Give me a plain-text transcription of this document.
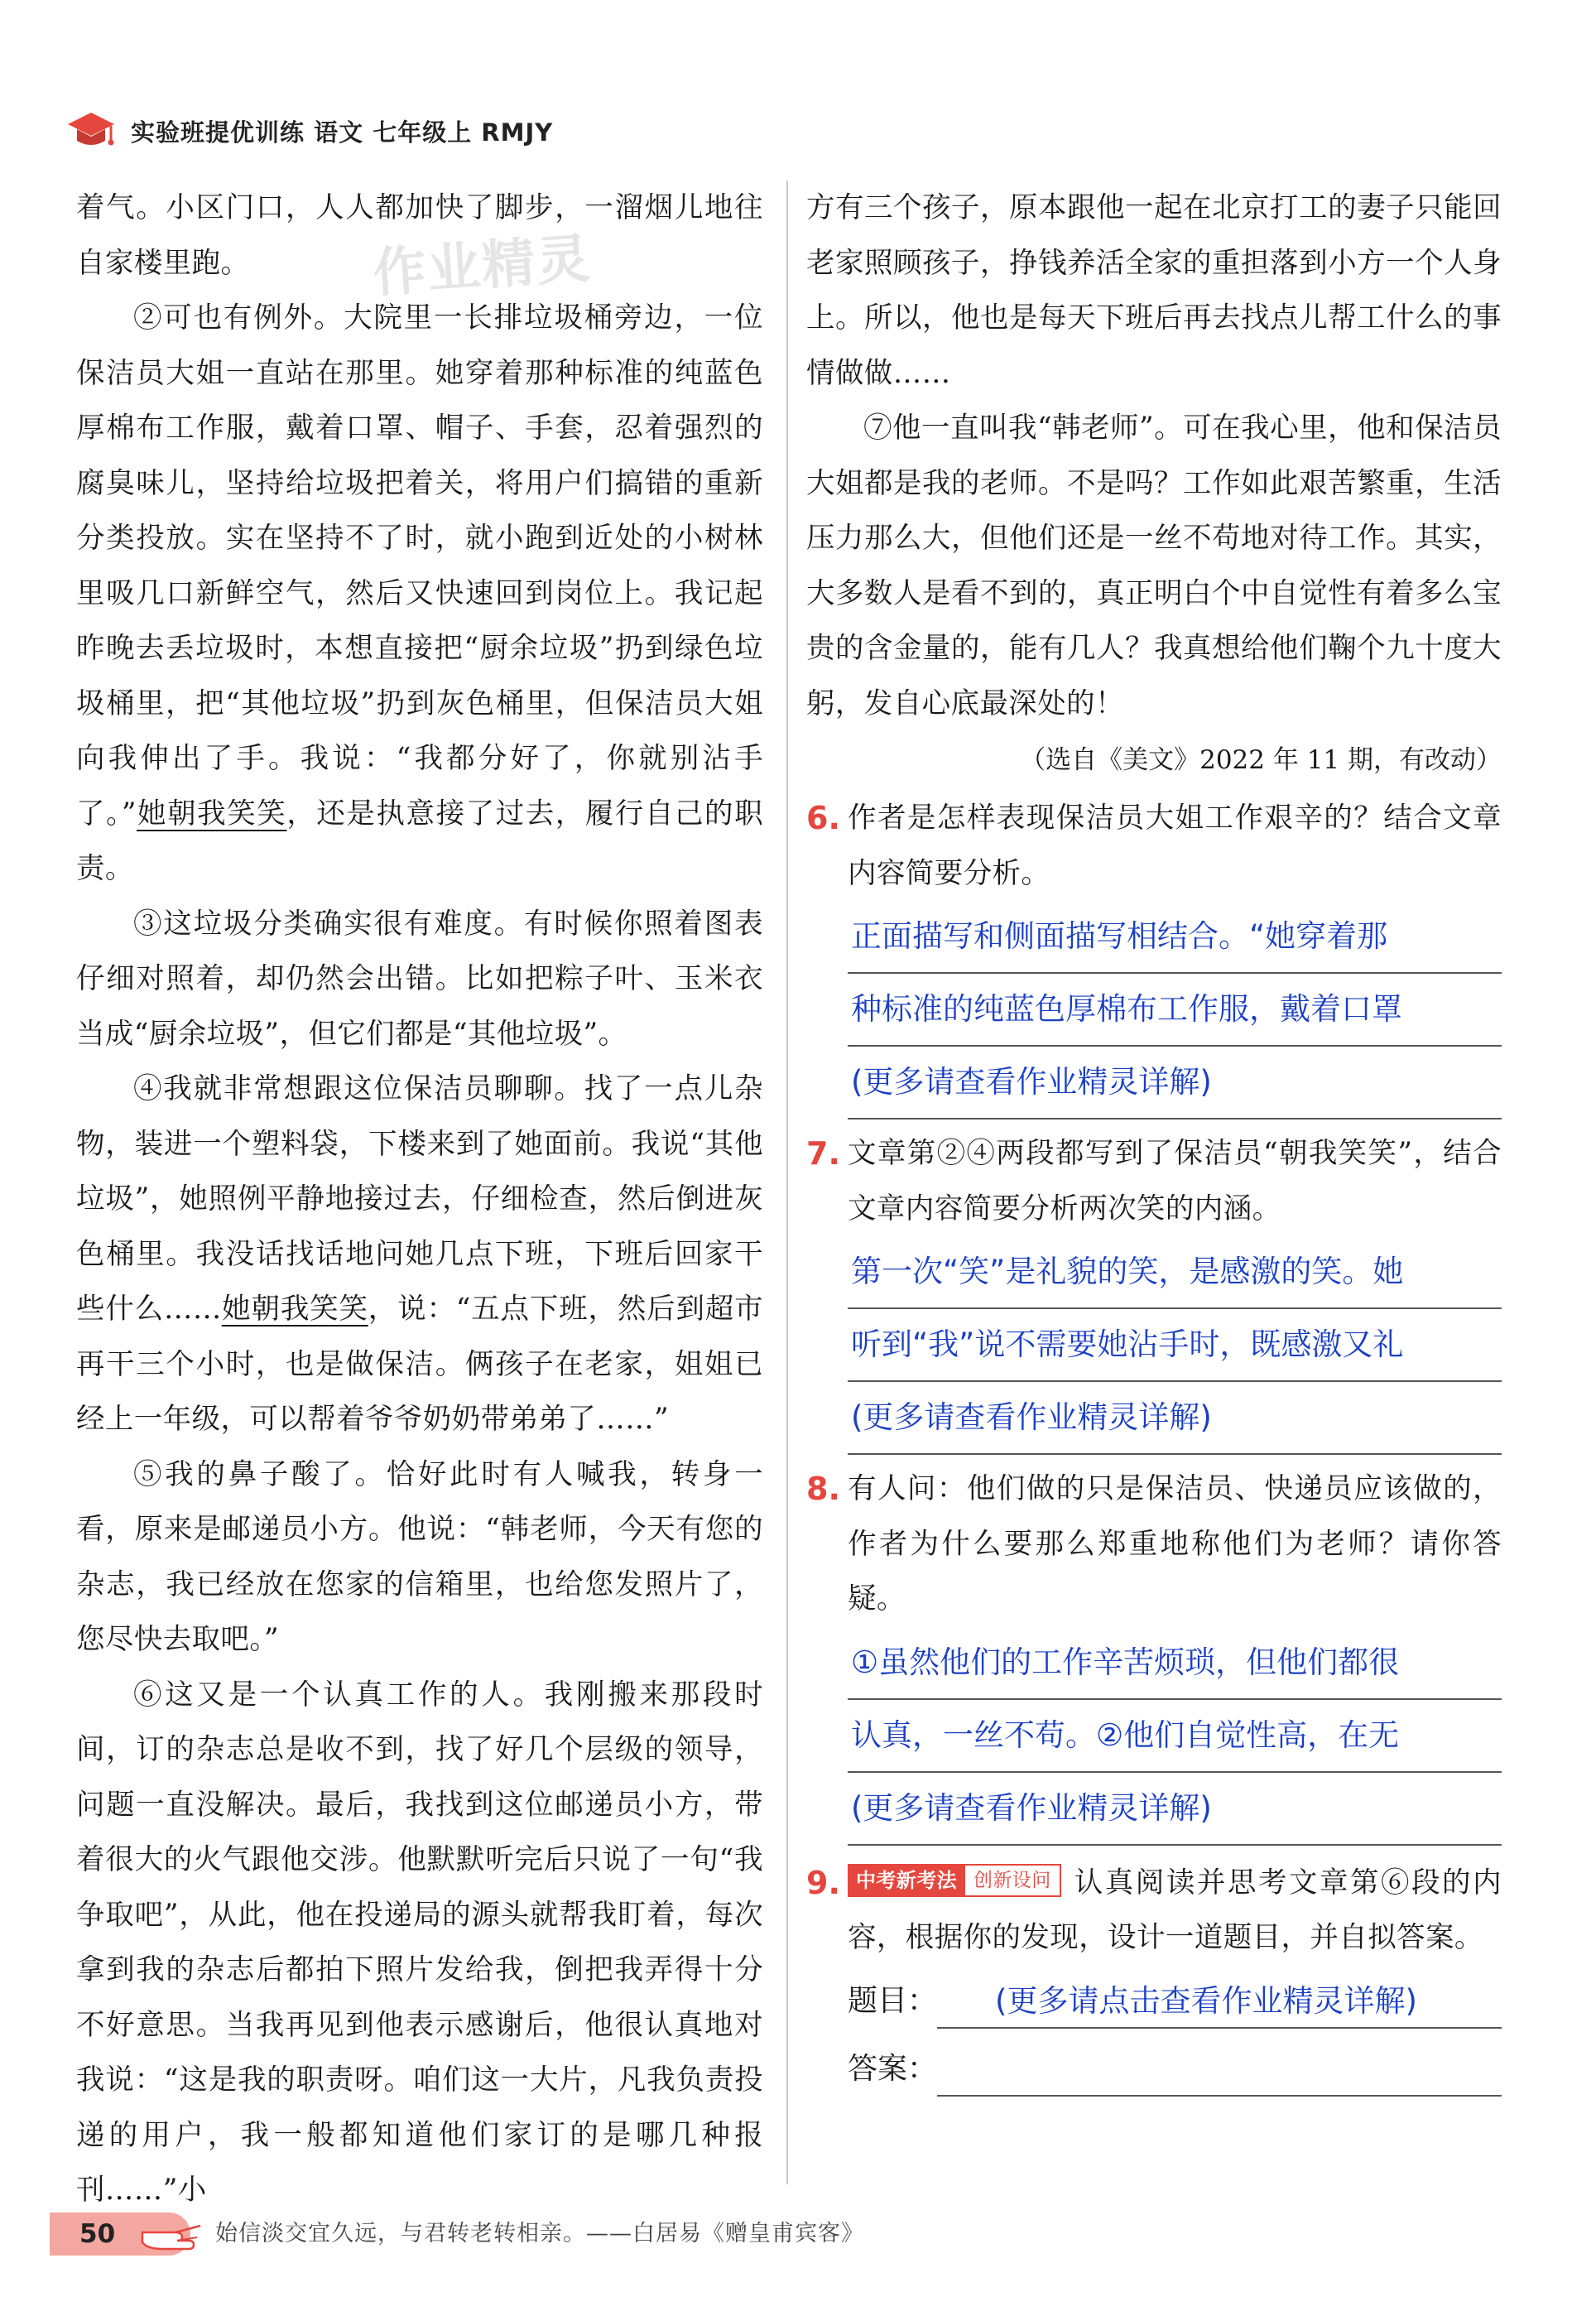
实验班提优训练 语文 七年级上 RMJY
作业精灵

着气。小区门口，人人都加快了脚步，一溜烟儿地往自家楼里跑。

②可也有例外。大院里一长排垃圾桶旁边，一位保洁员大姐一直站在那里。她穿着那种标准的纯蓝色厚棉布工作服，戴着口罩、帽子、手套，忍着强烈的腐臭味儿，坚持给垃圾把着关，将用户们搞错的重新分类投放。实在坚持不了时，就小跑到近处的小树林里吸几口新鲜空气，然后又快速回到岗位上。我记起昨晚去丢垃圾时，本想直接把“厨余垃圾”扔到绿色垃圾桶里，把“其他垃圾”扔到灰色桶里，但保洁员大姐向我伸出了手。我说：“我都分好了，你就别沾手了。”她朝我笑笑，还是执意接了过去，履行自己的职责。

③这垃圾分类确实很有难度。有时候你照着图表仔细对照着，却仍然会出错。比如把粽子叶、玉米衣当成“厨余垃圾”，但它们都是“其他垃圾”。

④我就非常想跟这位保洁员聊聊。找了一点儿杂物，装进一个塑料袋，下楼来到了她面前。我说“其他垃圾”，她照例平静地接过去，仔细检查，然后倒进灰色桶里。我没话找话地问她几点下班，下班后回家干些什么……她朝我笑笑，说：“五点下班，然后到超市再干三个小时，也是做保洁。俩孩子在老家，姐姐已经上一年级，可以帮着爷爷奶奶带弟弟了……”

⑤我的鼻子酸了。恰好此时有人喊我，转身一看，原来是邮递员小方。他说：“韩老师，今天有您的杂志，我已经放在您家的信箱里，也给您发照片了，您尽快去取吧。”

⑥这又是一个认真工作的人。我刚搬来那段时间，订的杂志总是收不到，找了好几个层级的领导，问题一直没解决。最后，我找到这位邮递员小方，带着很大的火气跟他交涉。他默默听完后只说了一句“我争取吧”，从此，他在投递局的源头就帮我盯着，每次拿到我的杂志后都拍下照片发给我，倒把我弄得十分不好意思。当我再见到他表示感谢后，他很认真地对我说：“这是我的职责呀。咱们这一大片，凡我负责投递的用户，我一般都知道他们家订的是哪几种报刊……”小

方有三个孩子，原本跟他一起在北京打工的妻子只能回老家照顾孩子，挣钱养活全家的重担落到小方一个人身上。所以，他也是每天下班后再去找点儿帮工什么的事情做做……

⑦他一直叫我“韩老师”。可在我心里，他和保洁员大姐都是我的老师。不是吗？工作如此艰苦繁重，生活压力那么大，但他们还是一丝不苟地对待工作。其实，大多数人是看不到的，真正明白个中自觉性有着多么宝贵的含金量的，能有几人？我真想给他们鞠个九十度大躬，发自心底最深处的！

（选自《美文》2022 年 11 期，有改动）
6. 作者是怎样表现保洁员大姐工作艰辛的？结合文章内容简要分析。
正面描写和侧面描写相结合。“她穿着那
种标准的纯蓝色厚棉布工作服，戴着口罩
(更多请查看作业精灵详解)
7. 文章第②④两段都写到了保洁员“朝我笑笑”，结合文章内容简要分析两次笑的内涵。
第一次“笑”是礼貌的笑，是感激的笑。她
听到“我”说不需要她沾手时，既感激又礼
(更多请查看作业精灵详解)
8. 有人问：他们做的只是保洁员、快递员应该做的，作者为什么要那么郑重地称他们为老师？请你答疑。
①虽然他们的工作辛苦烦琐，但他们都很
认真，一丝不苟。②他们自觉性高，在无
(更多请查看作业精灵详解)
9. 中考新考法 创新设问 认真阅读并思考文章第⑥段的内容，根据你的发现，设计一道题目，并自拟答案。
题目：	(更多请点击查看作业精灵详解)
答案：
50	始信淡交宜久远，与君转老转相亲。——白居易《赠皇甫宾客》
